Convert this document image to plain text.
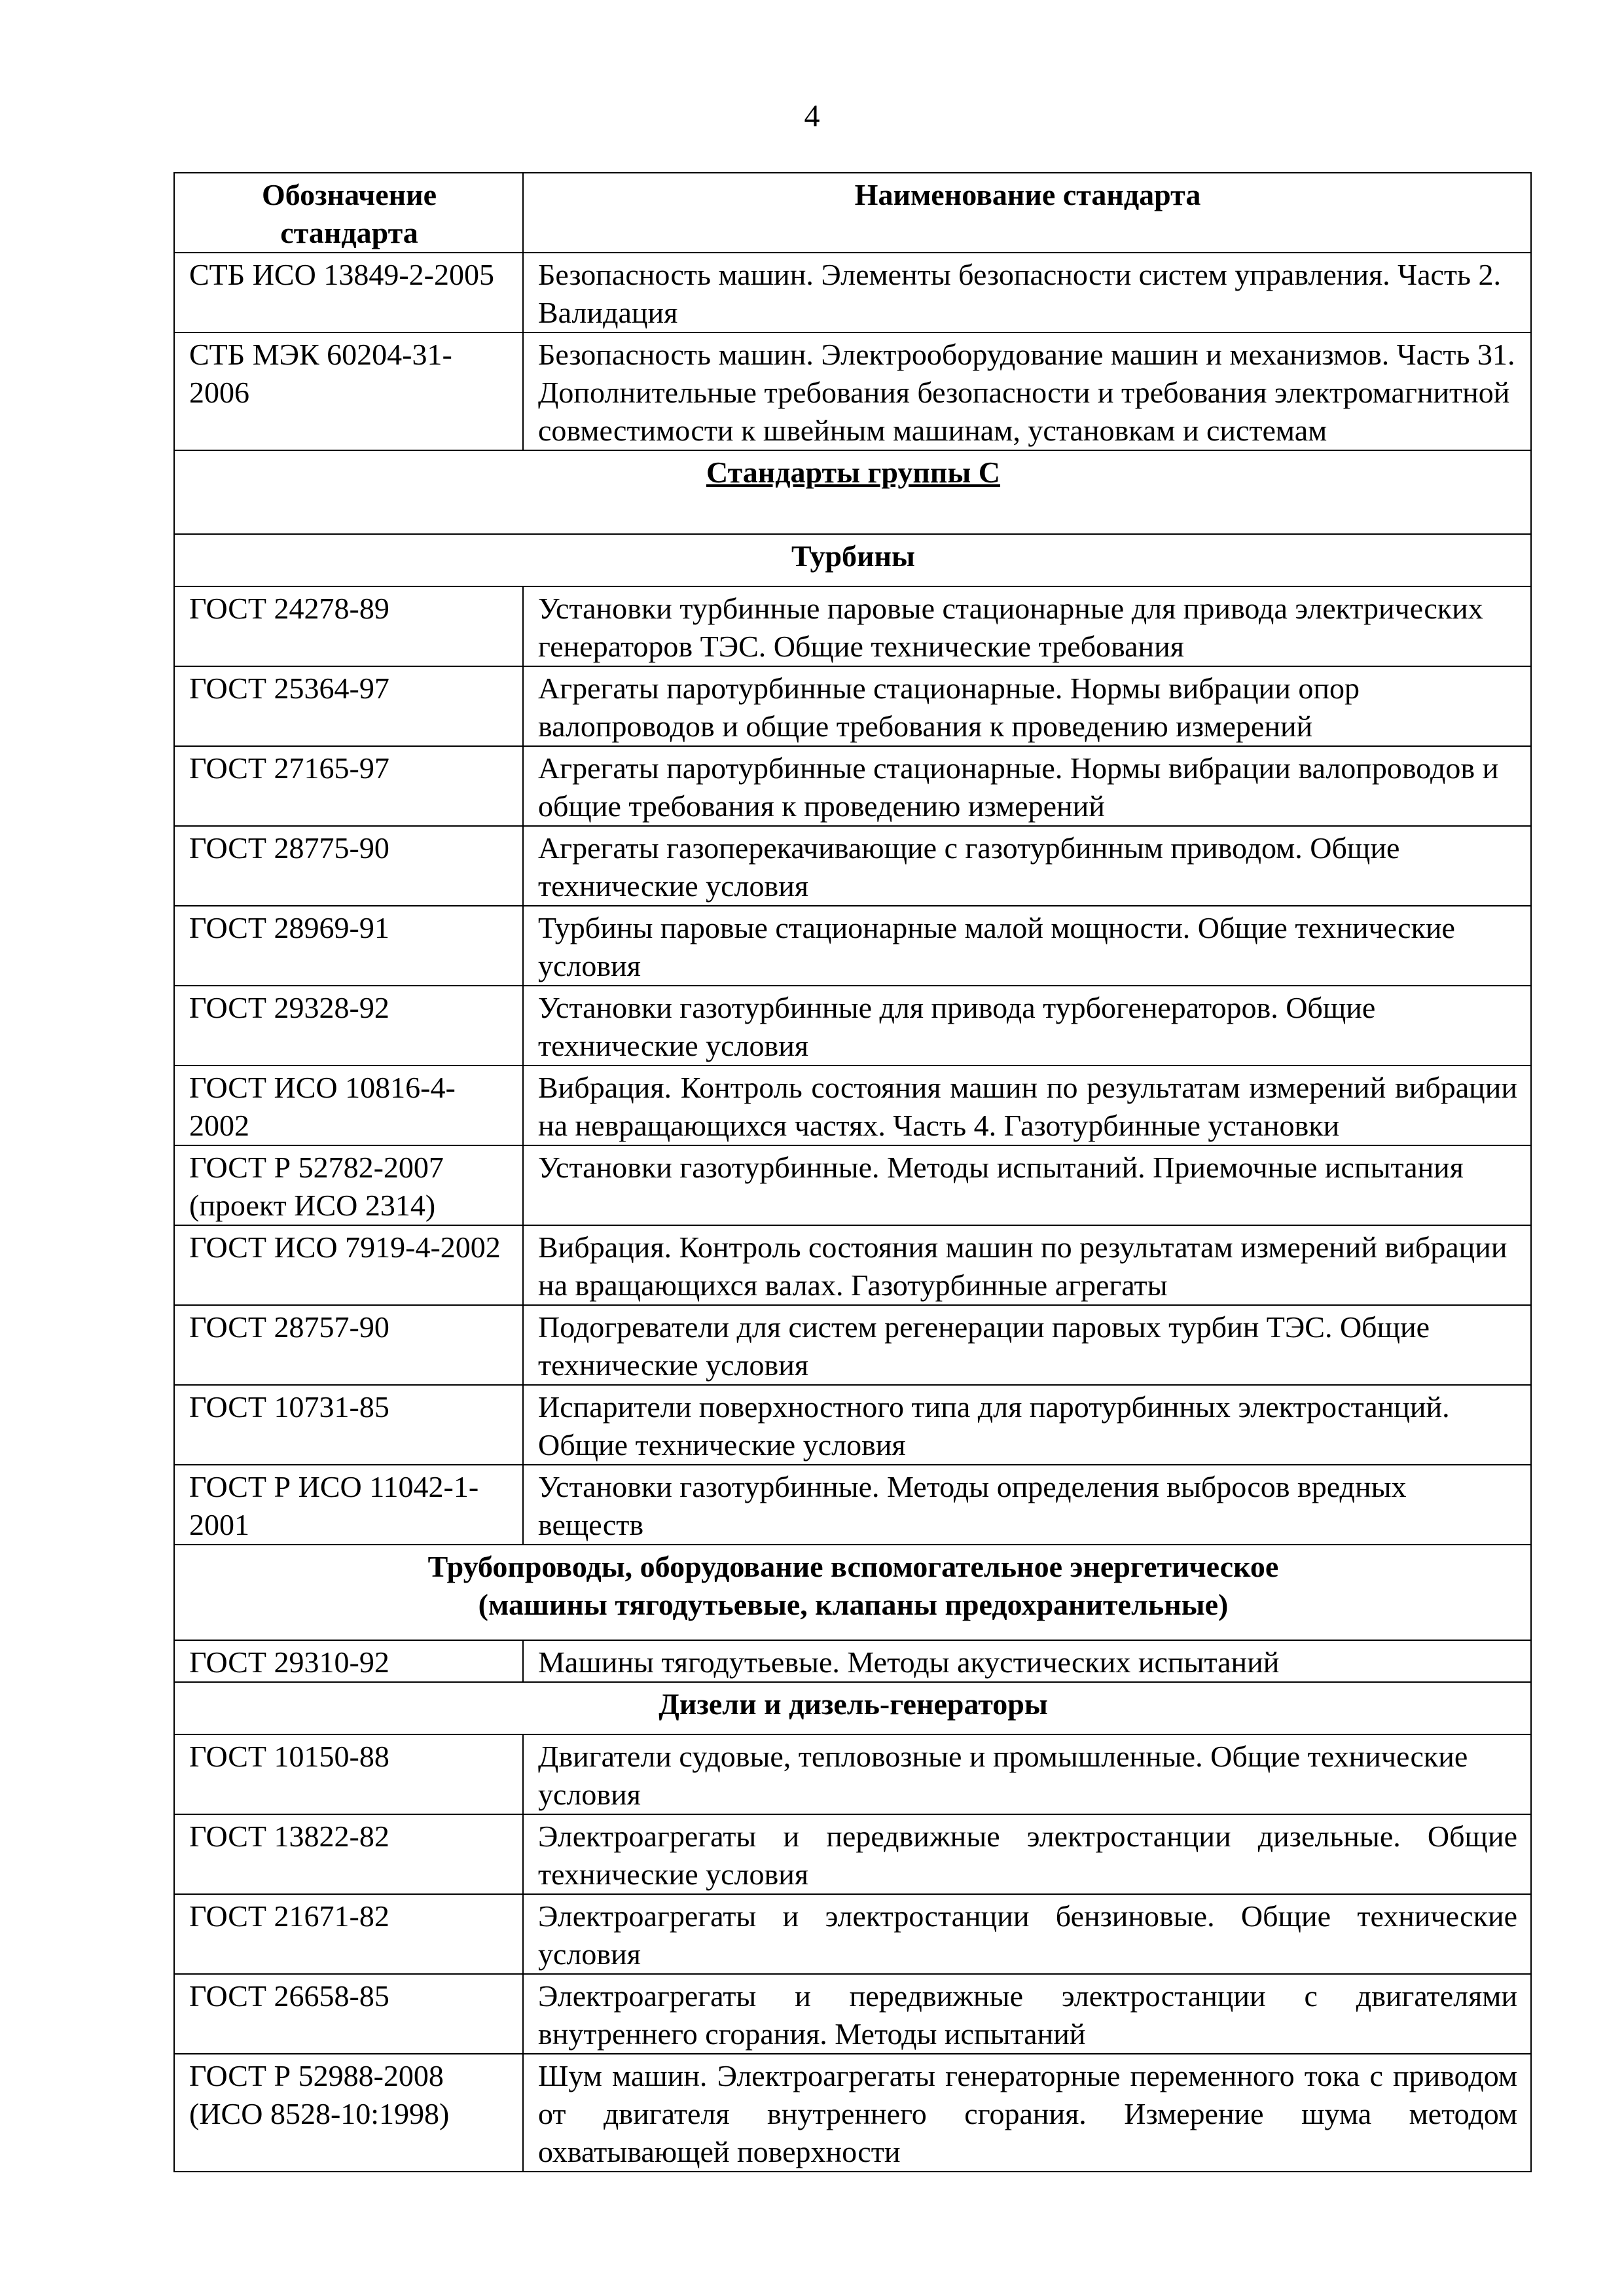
4
Обозначение стандарта	Наименование стандарта
СТБ ИСО 13849-2-2005	Безопасность машин. Элементы безопасности систем управления. Часть 2. Валидация
СТБ МЭК 60204-31-2006	Безопасность машин. Электрооборудование машин и механизмов. Часть 31. Дополнительные требования безопасности и требования электромагнитной совместимости к швейным машинам, установкам и системам
Стандарты группы С	
Турбины	
ГОСТ 24278-89	Установки турбинные паровые стационарные для привода электрических генераторов ТЭС. Общие технические требования
ГОСТ 25364-97	Агрегаты паротурбинные стационарные. Нормы вибрации опор валопроводов и общие требования к проведению измерений
ГОСТ 27165-97	Агрегаты паротурбинные стационарные. Нормы вибрации валопроводов и общие требования к проведению измерений
ГОСТ 28775-90	Агрегаты газоперекачивающие с газотурбинным приводом. Общие технические условия
ГОСТ 28969-91	Турбины паровые стационарные малой мощности. Общие технические условия
ГОСТ 29328-92	Установки газотурбинные для привода турбогенераторов. Общие технические условия
ГОСТ ИСО 10816-4-2002	Вибрация. Контроль состояния машин по результатам измерений вибрации на невращающихся частях. Часть 4. Газотурбинные установки
ГОСТ Р 52782-2007 (проект ИСО 2314)	Установки газотурбинные. Методы испытаний. Приемочные испытания
ГОСТ ИСО 7919-4-2002	Вибрация. Контроль состояния машин по результатам измерений вибрации на вращающихся валах. Газотурбинные агрегаты
ГОСТ 28757-90	Подогреватели для систем регенерации паровых турбин ТЭС. Общие технические условия
ГОСТ 10731-85	Испарители поверхностного типа для паротурбинных электростанций. Общие технические условия
ГОСТ Р ИСО 11042-1-2001	Установки газотурбинные. Методы определения выбросов вредных веществ

Трубопроводы, оборудование вспомогательное энергетическое
(машины тягодутьевые, клапаны предохранительные)	

ГОСТ 29310-92	Машины тягодутьевые. Методы акустических испытаний
Дизели и дизель-генераторы	
ГОСТ 10150-88	Двигатели судовые, тепловозные и промышленные. Общие технические условия
ГОСТ 13822-82	Электроагрегаты и передвижные электростанции дизельные. Общие технические условия
ГОСТ 21671-82	Электроагрегаты и электростанции бензиновые. Общие технические условия
ГОСТ 26658-85	Электроагрегаты и передвижные электростанции с двигателями внутреннего сгорания. Методы испытаний
ГОСТ Р 52988-2008 (ИСО 8528-10:1998)	Шум машин. Электроагрегаты генераторные переменного тока с приводом от двигателя внутреннего сгорания. Измерение шума методом охватывающей поверхности
